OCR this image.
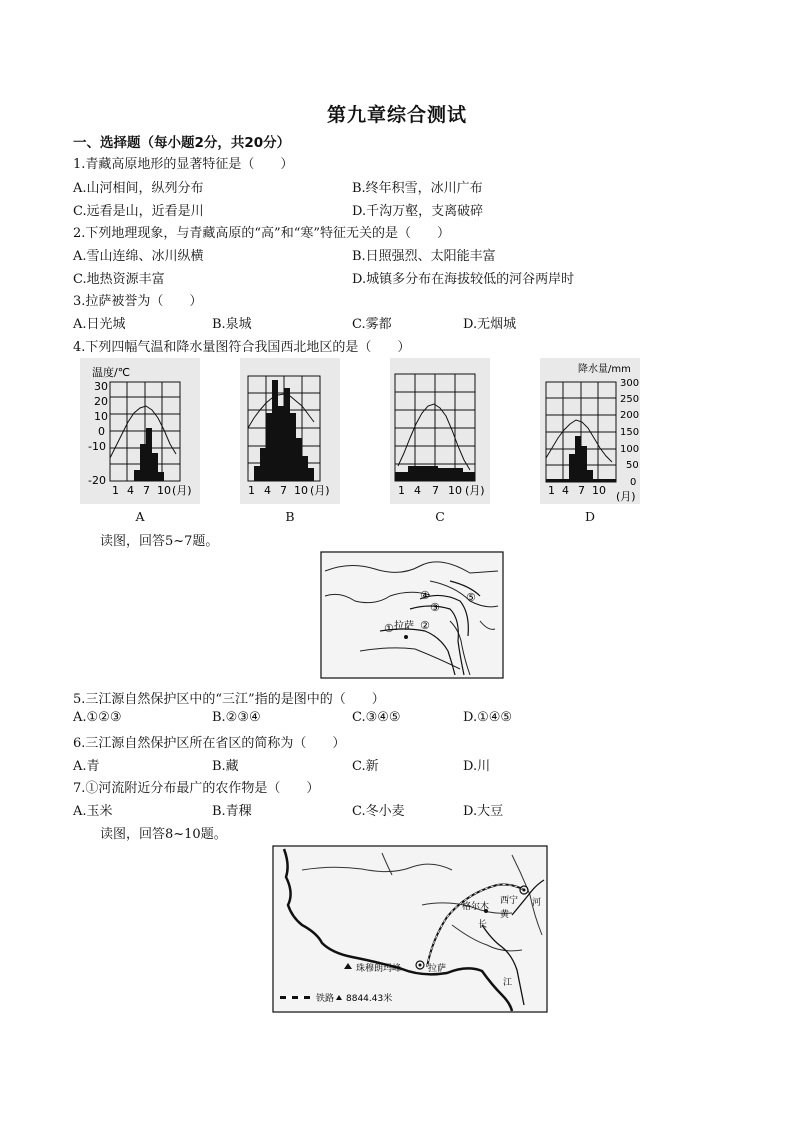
第九章综合测试
一、选择题（每小题2分，共20分）
1.青藏高原地形的显著特征是（　　）
A.山河相间，纵列分布	B.终年积雪，冰川广布
C.远看是山，近看是川	D.千沟万壑，支离破碎
2.下列地理现象，与青藏高原的“高”和“寒”特征无关的是（　　）
A.雪山连绵、冰川纵横	B.日照强烈、太阳能丰富
C.地热资源丰富	D.城镇多分布在海拔较低的河谷两岸时
3.拉萨被誉为（　　）
A.日光城	B.泉城	C.雾都	D.无烟城
4.下列四幅气温和降水量图符合我国西北地区的是（　　）
温度/℃
30
20
10
0
-10
-20
1 4 7 10 (月)
A
1 4 7 10 (月)
B
1 4 7 10 (月)
C
降水量/mm
300
250
200
150
100
50
0
1 4 7 10 (月)
D
读图，回答5~7题。
① ②
③
④	⑤
拉萨
5.三江源自然保护区中的“三江”指的是图中的（　　）
A.①②③	B.②③④	C.③④⑤	D.①④⑤
6.三江源自然保护区所在省区的简称为（　　）
A.青	B.藏	C.新	D.川
7.①河流附近分布最广的农作物是（　　）
A.玉米	B.青稞	C.冬小麦	D.大豆
读图，回答8~10题。
西宁
格尔木
拉萨
珠穆朗玛峰
黄
河
长
江
铁路 8844.43米
